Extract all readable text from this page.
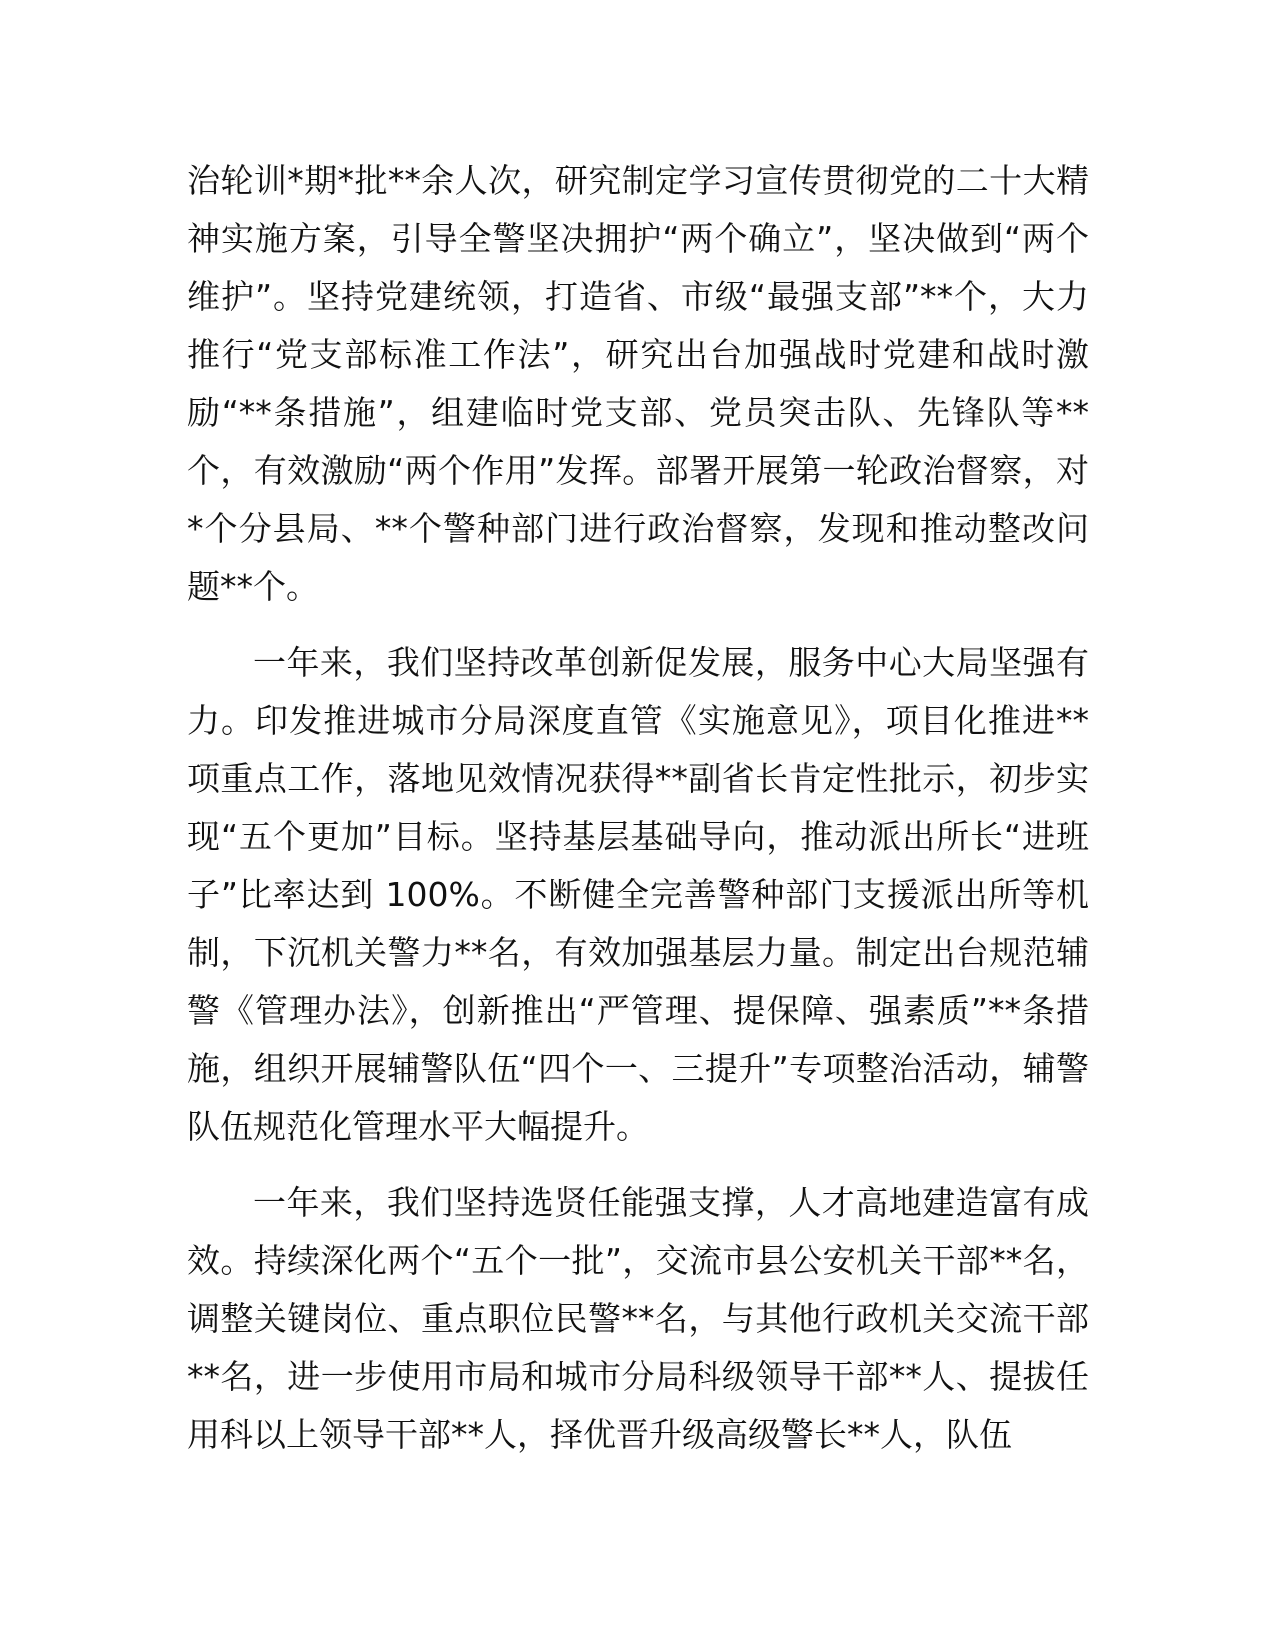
治轮训*期*批**余人次，研究制定学习宣传贯彻党的二十大精神实施方案，引导全警坚决拥护“两个确立”，坚决做到“两个维护”。坚持党建统领，打造省、市级“最强支部”**个，大力推行“党支部标准工作法”，研究出台加强战时党建和战时激励“**条措施”，组建临时党支部、党员突击队、先锋队等**个，有效激励“两个作用”发挥。部署开展第一轮政治督察，对*个分县局、**个警种部门进行政治督察，发现和推动整改问题**个。

一年来，我们坚持改革创新促发展，服务中心大局坚强有力。印发推进城市分局深度直管《实施意见》，项目化推进**项重点工作，落地见效情况获得**副省长肯定性批示，初步实现“五个更加”目标。坚持基层基础导向，推动派出所长“进班子”比率达到 100%。不断健全完善警种部门支援派出所等机制，下沉机关警力**名，有效加强基层力量。制定出台规范辅警《管理办法》，创新推出“严管理、提保障、强素质”**条措施，组织开展辅警队伍“四个一、三提升”专项整治活动，辅警队伍规范化管理水平大幅提升。

一年来，我们坚持选贤任能强支撑，人才高地建造富有成效。持续深化两个“五个一批”，交流市县公安机关干部**名，调整关键岗位、重点职位民警**名，与其他行政机关交流干部**名，进一步使用市局和城市分局科级领导干部**人、提拔任用科以上领导干部**人，择优晋升级高级警长**人，队伍
